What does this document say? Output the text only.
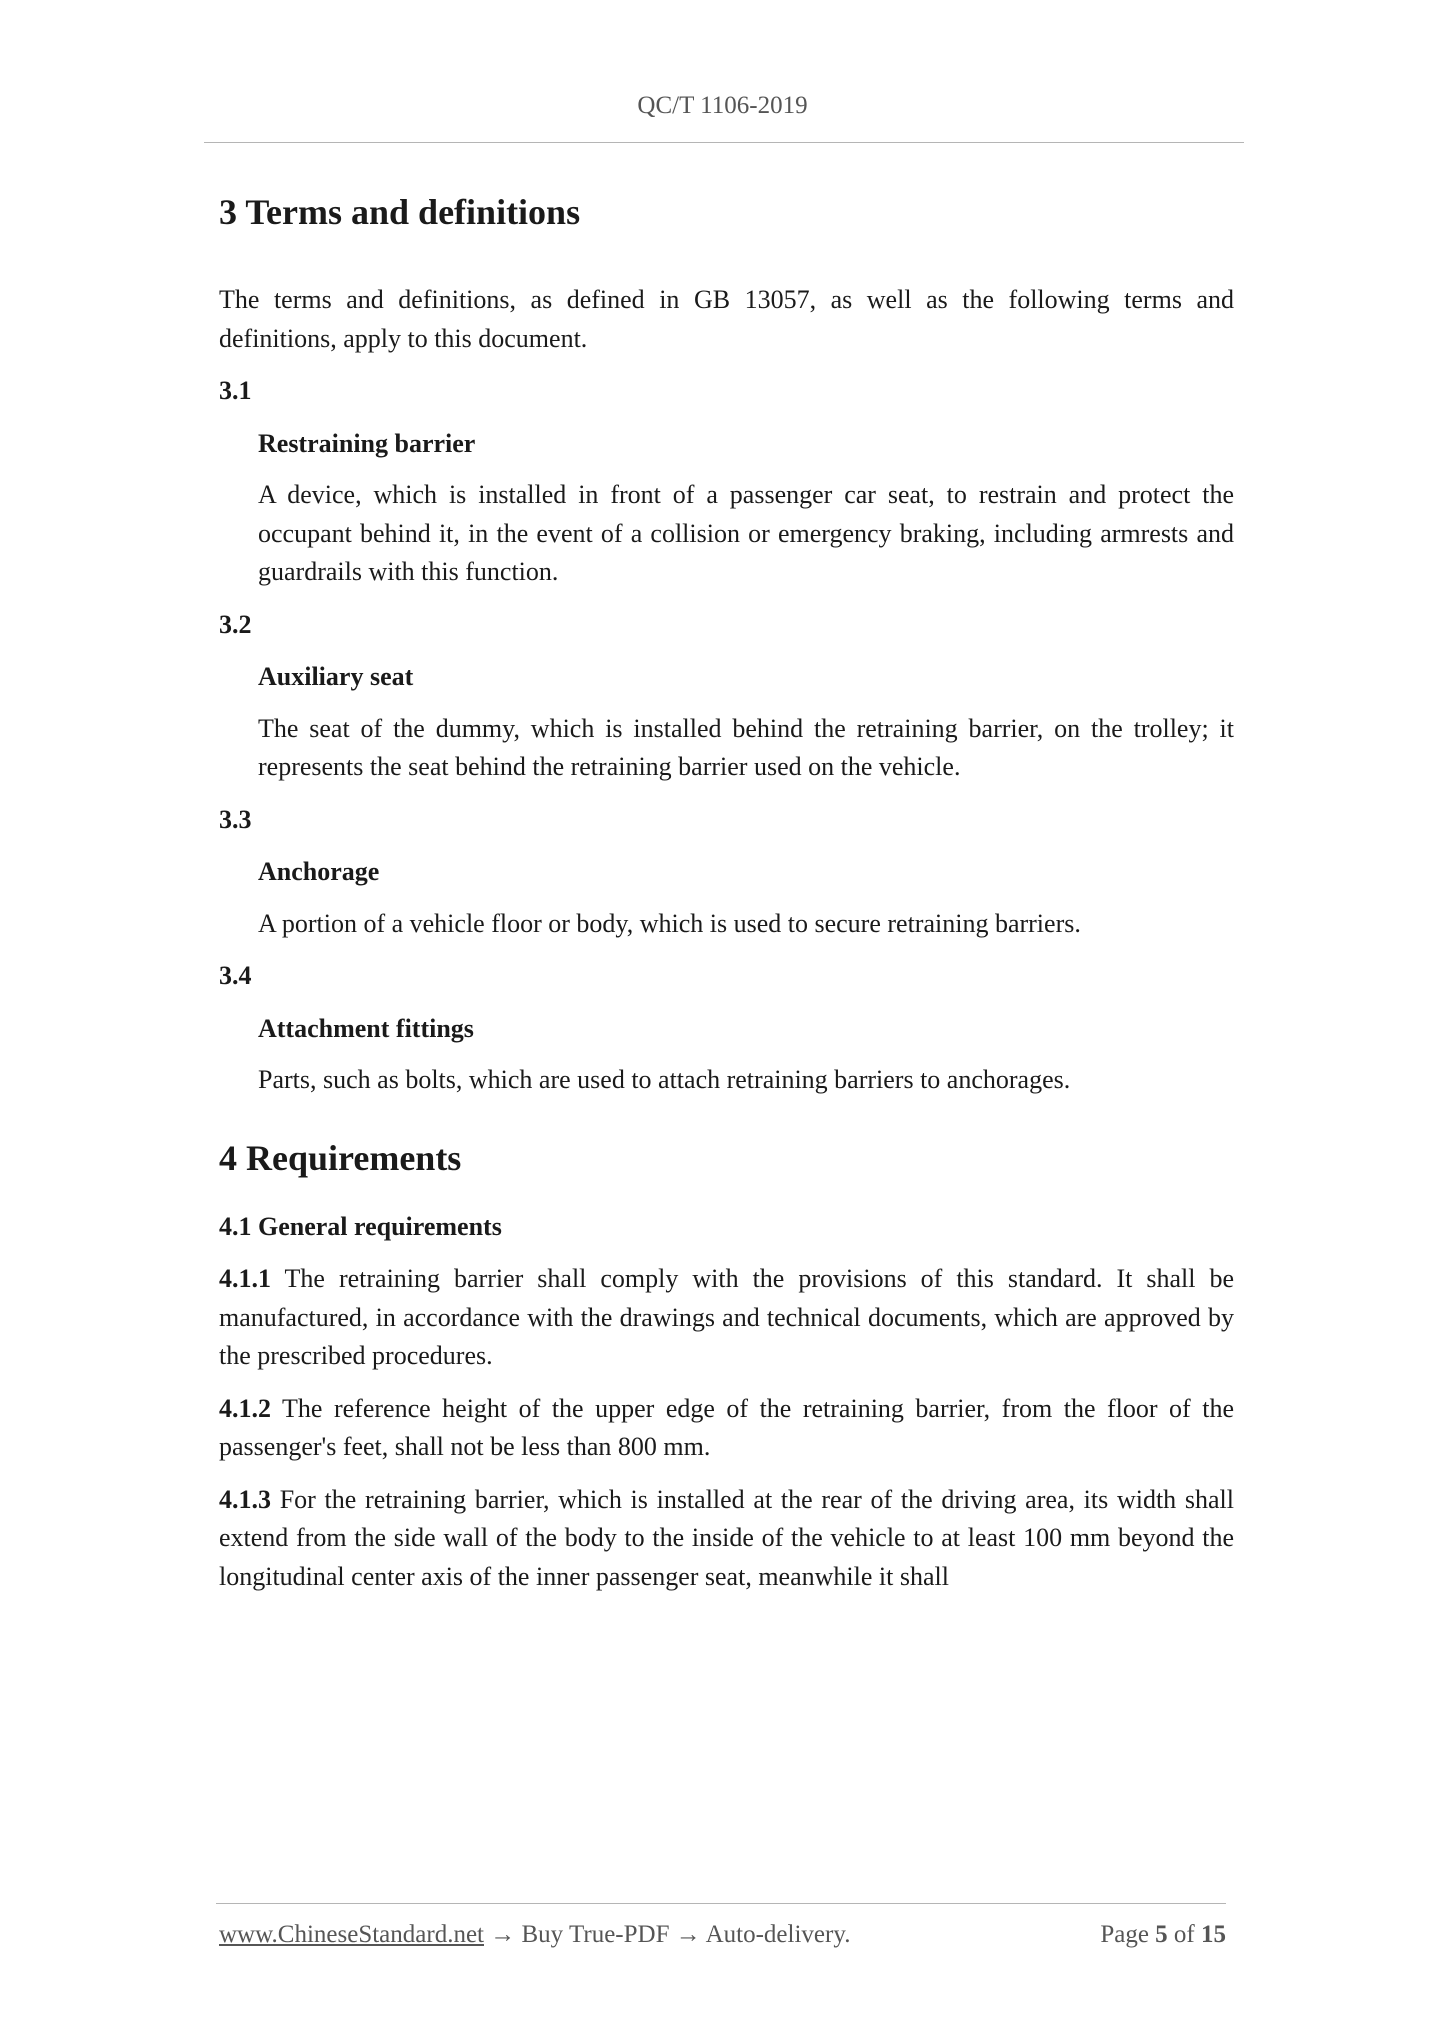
QC/T 1106-2019
3 Terms and definitions

The terms and definitions, as defined in GB 13057, as well as the following terms and definitions, apply to this document.

3.1

Restraining barrier

A device, which is installed in front of a passenger car seat, to restrain and protect the occupant behind it, in the event of a collision or emergency braking, including armrests and guardrails with this function.

3.2

Auxiliary seat

The seat of the dummy, which is installed behind the retraining barrier, on the trolley; it represents the seat behind the retraining barrier used on the vehicle.

3.3

Anchorage

A portion of a vehicle floor or body, which is used to secure retraining barriers.

3.4

Attachment fittings

Parts, such as bolts, which are used to attach retraining barriers to anchorages.

4 Requirements

4.1 General requirements

4.1.1 The retraining barrier shall comply with the provisions of this standard. It shall be manufactured, in accordance with the drawings and technical documents, which are approved by the prescribed procedures.

4.1.2 The reference height of the upper edge of the retraining barrier, from the floor of the passenger's feet, shall not be less than 800 mm.

4.1.3 For the retraining barrier, which is installed at the rear of the driving area, its width shall extend from the side wall of the body to the inside of the vehicle to at least 100 mm beyond the longitudinal center axis of the inner passenger seat, meanwhile it shall

www.ChineseStandard.net → Buy True-PDF → Auto-delivery.	Page 5 of 15
